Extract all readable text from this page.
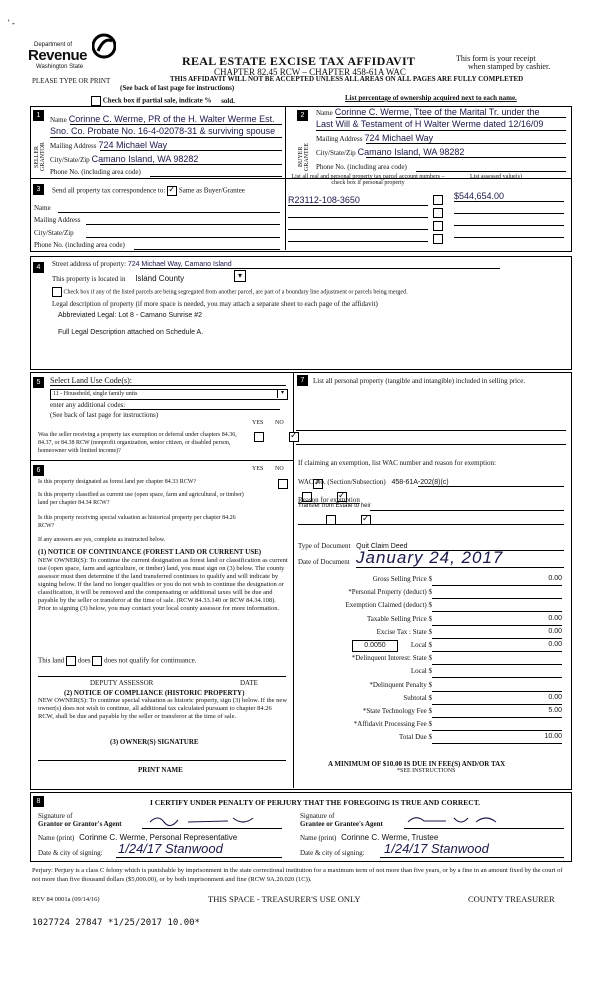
' -
Department of
Revenue
Washington State	REAL ESTATE EXCISE TAX AFFIDAVIT
CHAPTER 82.45 RCW – CHAPTER 458-61A WAC
This form is your receipt
when stamped by cashier.
PLEASE TYPE OR PRINT	THIS AFFIDAVIT WILL NOT BE ACCEPTED UNLESS ALL AREAS ON ALL PAGES ARE FULLY COMPLETED
(See back of last page for instructions)
Check box if partial sale, indicate % sold.	List percentage of ownership acquired next to each name.
1
SELLER GRANTOR
Name Corinne C. Werme, PR of the H. Walter Werme Est.
Sno. Co. Probate No. 16-4-02078-31 & surviving spouse
Mailing Address 724 Michael Way
City/State/Zip Camano Island, WA 98282
Phone No. (including area code)
2
BUYER GRANTEE
Name Corinne C. Werme, Ttee of the Marital Tr. under the
Last Will & Testament of H Walter Werme dated 12/16/09
Mailing Address 724 Michael Way
City/State/Zip Camano Island, WA 98282
Phone No. (including area code)
3	Send all property tax correspondence to: ✓ Same as Buyer/Grantee
Name
Mailing Address
City/State/Zip
Phone No. (including area code)
List all real and personal property tax parcel account numbers – check box if personal property
List assessed value(s)
R23112-108-3650	$544,654.00
4	Street address of property: 724 Michael Way, Camano Island
This property is located in Island County	▾
Check box if any of the listed parcels are being segregated from another parcel, are part of a boundary line adjustment or parcels being merged.
Legal description of property (if more space is needed, you may attach a separate sheet to each page of the affidavit)
Abbreviated Legal: Lot 8 - Camano Sunrise #2
Full Legal Description attached on Schedule A.
5	Select Land Use Code(s):
11 - Household, single family units	▾
enter any additional codes:
(See back of last page for instructions)
YES NO
Was the seller receiving a property tax exemption or deferral under chapters 84.36, 84.37, or 84.38 RCW (nonprofit organization, senior citizen, or disabled person, homeowner with limited income)?
✓
6	YES NO
Is this property designated as forest land per chapter 84.33 RCW?
✓
Is this property classified as current use (open space, farm and agricultural, or timber) land per chapter 84.34 RCW?
✓
Is this property receiving special valuation as historical property per chapter 84.26 RCW?
✓
If any answers are yes, complete as instructed below.
(1) NOTICE OF CONTINUANCE (FOREST LAND OR CURRENT USE)
NEW OWNER(S): To continue the current designation as forest land or classification as current use (open space, farm and agriculture, or timber) land, you must sign on (3) below. The county assessor must then determine if the land transferred continues to qualify and will indicate by signing below. If the land no longer qualifies or you do not wish to continue the designation or classification, it will be removed and the compensating or additional taxes will be due and payable by the seller or transferor at the time of sale. (RCW 84.33.140 or RCW 84.34.108). Prior to signing (3) below, you may contact your local county assessor for more information.
This land does does not qualify for continuance.
DEPUTY ASSESSOR	DATE
(2) NOTICE OF COMPLIANCE (HISTORIC PROPERTY)
NEW OWNER(S): To continue special valuation as historic property, sign (3) below. If the new owner(s) does not wish to continue, all additional tax calculated pursuant to chapter 84.26 RCW, shall be due and payable by the seller or transferor at the time of sale.
(3) OWNER(S) SIGNATURE
PRINT NAME
7	List all personal property (tangible and intangible) included in selling price.
If claiming an exemption, list WAC number and reason for exemption:
WAC No. (Section/Subsection) 458-61A-202(8)(c)
Reason for exemption
Transfer from Estate to heir
Type of Document Quit Claim Deed
Date of Document January 24, 2017
Gross Selling Price $	0.00
*Personal Property (deduct) $
Exemption Claimed (deduct) $
Taxable Selling Price $	0.00
Excise Tax : State $	0.00
Local $	0.00
*Delinquent Interest: State $
Local $
*Delinquent Penalty $
Subtotal $	0.00
*State Technology Fee $	5.00
*Affidavit Processing Fee $
Total Due $	10.00
0.0050
A MINIMUM OF $10.00 IS DUE IN FEE(S) AND/OR TAX
*SEE INSTRUCTIONS
8	I CERTIFY UNDER PENALTY OF PERJURY THAT THE FOREGOING IS TRUE AND CORRECT.
Signature of
Grantor or Grantor's Agent
Name (print) Corinne C. Werme, Personal Representative
Date & city of signing: 1/24/17 Stanwood
Signature of
Grantee or Grantee's Agent
Name (print) Corinne C. Werme, Trustee
Date & city of signing: 1/24/17 Stanwood
Perjury: Perjury is a class C felony which is punishable by imprisonment in the state correctional institution for a maximum term of not more than five years, or by a fine in an amount fixed by the court of not more than five thousand dollars ($5,000.00), or by both imprisonment and fine (RCW 9A.20.020 (1C)).
REV 84 0001a (09/14/16)	THIS SPACE - TREASURER'S USE ONLY	COUNTY TREASURER
1027724 27847 *1/25/2017 10.00*
